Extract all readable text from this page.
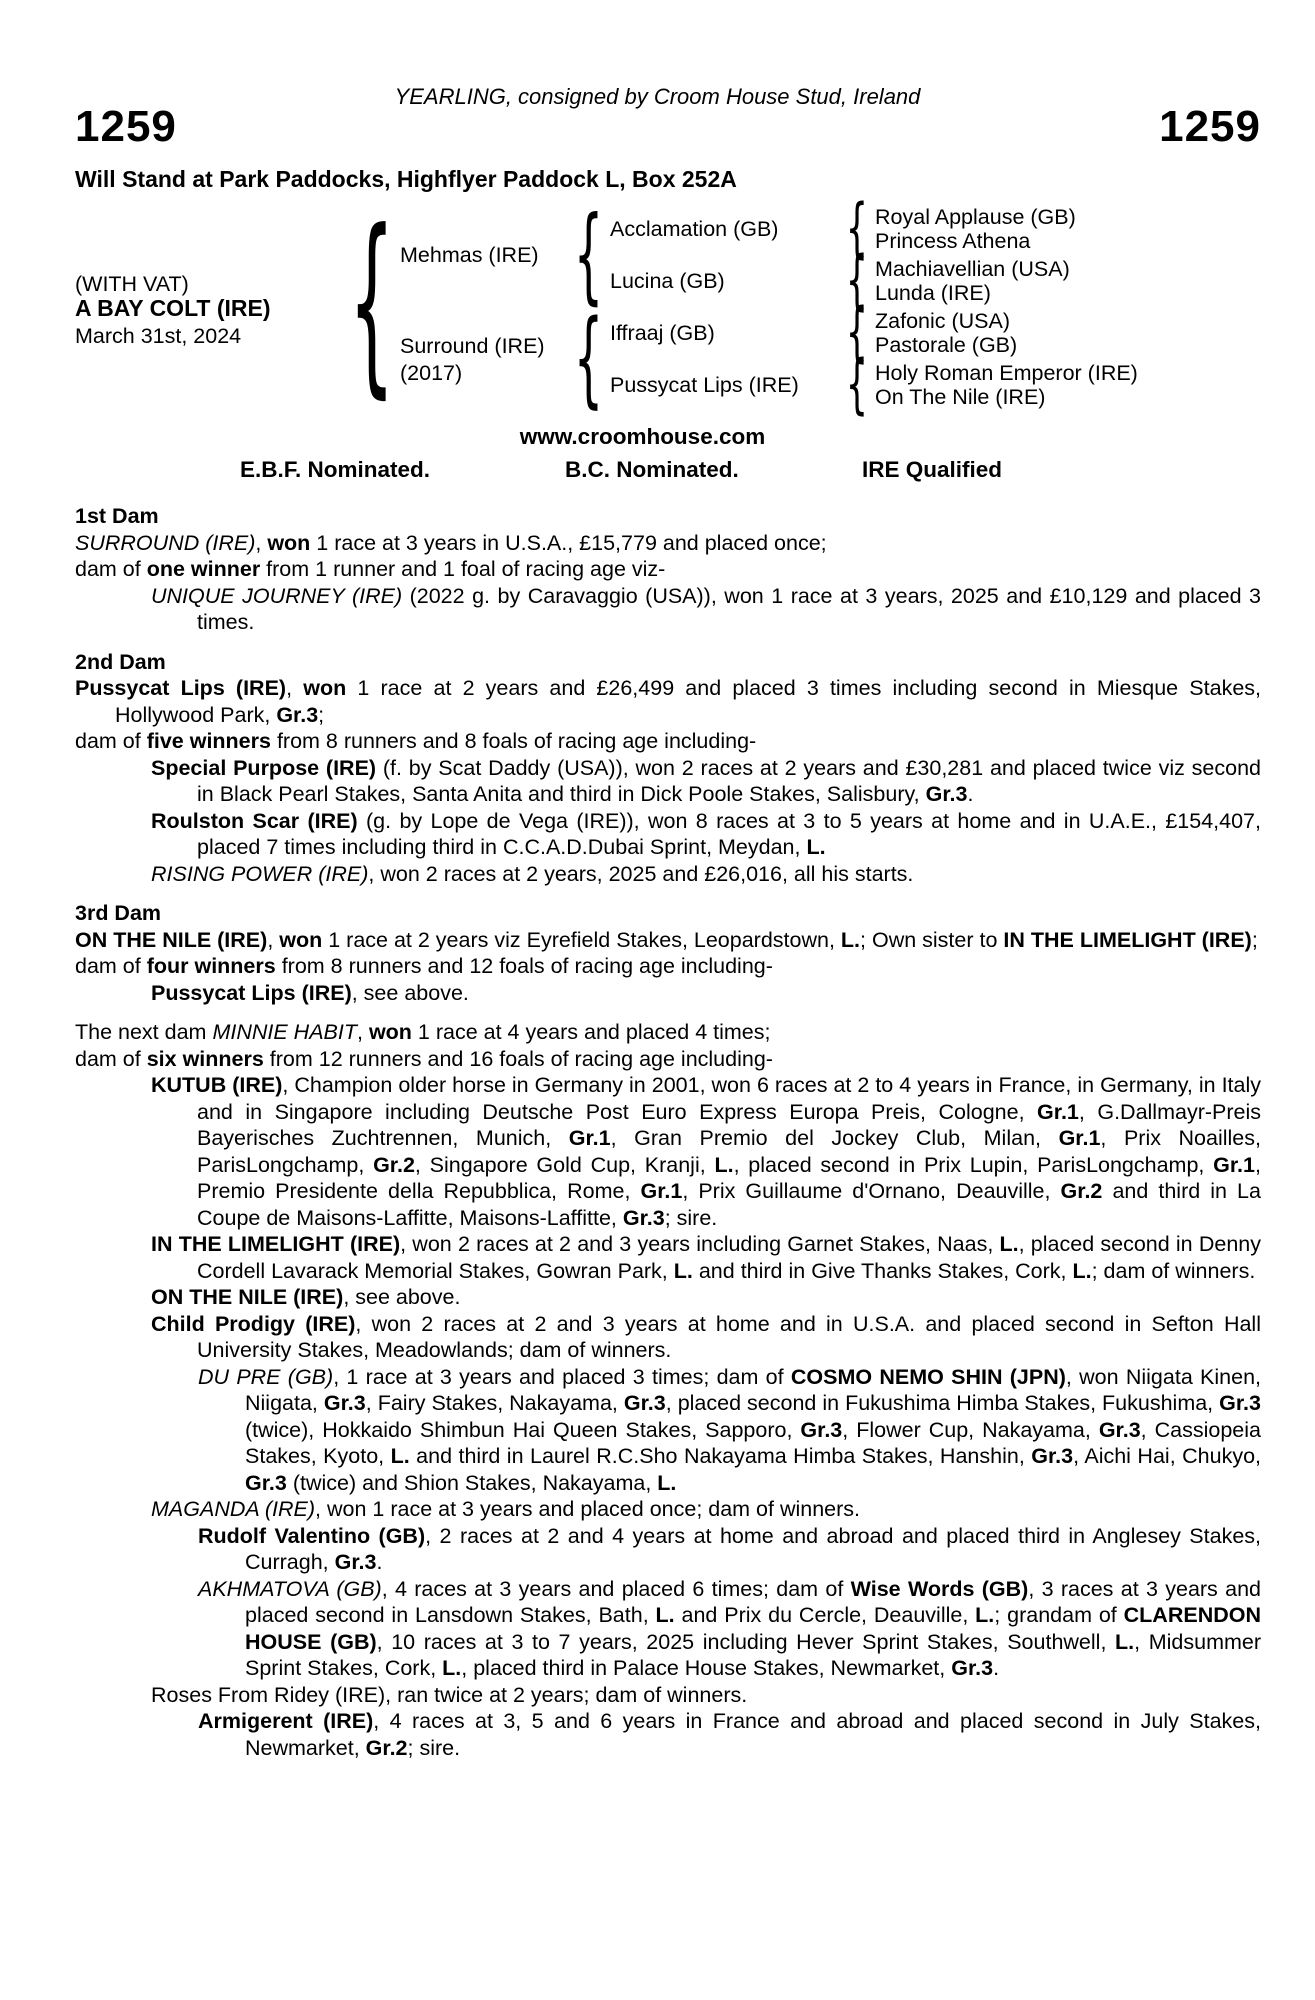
YEARLING, consigned by Croom House Stud, Ireland
1259	1259
Will Stand at Park Paddocks, Highflyer Paddock L, Box 252A
(WITH VAT)
A BAY COLT (IRE)
March 31st, 2024
{
{
{
{
{
{
{
Mehmas (IRE)
Surround (IRE)
(2017)
Acclamation (GB)
Lucina (GB)
Iffraaj (GB)
Pussycat Lips (IRE)
Royal Applause (GB)
Princess Athena
Machiavellian (USA)
Lunda (IRE)
Zafonic (USA)
Pastorale (GB)
Holy Roman Emperor (IRE)
On The Nile (IRE)
www.croomhouse.com
E.B.F. Nominated.	B.C. Nominated.	IRE Qualified
1st Dam

SURROUND (IRE), won 1 race at 3 years in U.S.A., £15,779 and placed once;

dam of one winner from 1 runner and 1 foal of racing age viz-

UNIQUE JOURNEY (IRE) (2022 g. by Caravaggio (USA)), won 1 race at 3 years, 2025 and £10,129 and placed 3 times.

2nd Dam

Pussycat Lips (IRE), won 1 race at 2 years and £26,499 and placed 3 times including second in Miesque Stakes, Hollywood Park, Gr.3;

dam of five winners from 8 runners and 8 foals of racing age including-

Special Purpose (IRE) (f. by Scat Daddy (USA)), won 2 races at 2 years and £30,281 and placed twice viz second in Black Pearl Stakes, Santa Anita and third in Dick Poole Stakes, Salisbury, Gr.3.

Roulston Scar (IRE) (g. by Lope de Vega (IRE)), won 8 races at 3 to 5 years at home and in U.A.E., £154,407, placed 7 times including third in C.C.A.D.Dubai Sprint, Meydan, L.

RISING POWER (IRE), won 2 races at 2 years, 2025 and £26,016, all his starts.

3rd Dam

ON THE NILE (IRE), won 1 race at 2 years viz Eyrefield Stakes, Leopardstown, L.; Own sister to IN THE LIMELIGHT (IRE);

dam of four winners from 8 runners and 12 foals of racing age including-

Pussycat Lips (IRE), see above.

The next dam MINNIE HABIT, won 1 race at 4 years and placed 4 times;

dam of six winners from 12 runners and 16 foals of racing age including-

KUTUB (IRE), Champion older horse in Germany in 2001, won 6 races at 2 to 4 years in France, in Germany, in Italy and in Singapore including Deutsche Post Euro Express Europa Preis, Cologne, Gr.1, G.Dallmayr-Preis Bayerisches Zuchtrennen, Munich, Gr.1, Gran Premio del Jockey Club, Milan, Gr.1, Prix Noailles, ParisLongchamp, Gr.2, Singapore Gold Cup, Kranji, L., placed second in Prix Lupin, ParisLongchamp, Gr.1, Premio Presidente della Repubblica, Rome, Gr.1, Prix Guillaume d'Ornano, Deauville, Gr.2 and third in La Coupe de Maisons-Laffitte, Maisons-Laffitte, Gr.3; sire.

IN THE LIMELIGHT (IRE), won 2 races at 2 and 3 years including Garnet Stakes, Naas, L., placed second in Denny Cordell Lavarack Memorial Stakes, Gowran Park, L. and third in Give Thanks Stakes, Cork, L.; dam of winners.

ON THE NILE (IRE), see above.

Child Prodigy (IRE), won 2 races at 2 and 3 years at home and in U.S.A. and placed second in Sefton Hall University Stakes, Meadowlands; dam of winners.

DU PRE (GB), 1 race at 3 years and placed 3 times; dam of COSMO NEMO SHIN (JPN), won Niigata Kinen, Niigata, Gr.3, Fairy Stakes, Nakayama, Gr.3, placed second in Fukushima Himba Stakes, Fukushima, Gr.3 (twice), Hokkaido Shimbun Hai Queen Stakes, Sapporo, Gr.3, Flower Cup, Nakayama, Gr.3, Cassiopeia Stakes, Kyoto, L. and third in Laurel R.C.Sho Nakayama Himba Stakes, Hanshin, Gr.3, Aichi Hai, Chukyo, Gr.3 (twice) and Shion Stakes, Nakayama, L.

MAGANDA (IRE), won 1 race at 3 years and placed once; dam of winners.

Rudolf Valentino (GB), 2 races at 2 and 4 years at home and abroad and placed third in Anglesey Stakes, Curragh, Gr.3.

AKHMATOVA (GB), 4 races at 3 years and placed 6 times; dam of Wise Words (GB), 3 races at 3 years and placed second in Lansdown Stakes, Bath, L. and Prix du Cercle, Deauville, L.; grandam of CLARENDON HOUSE (GB), 10 races at 3 to 7 years, 2025 including Hever Sprint Stakes, Southwell, L., Midsummer Sprint Stakes, Cork, L., placed third in Palace House Stakes, Newmarket, Gr.3.

Roses From Ridey (IRE), ran twice at 2 years; dam of winners.

Armigerent (IRE), 4 races at 3, 5 and 6 years in France and abroad and placed second in July Stakes, Newmarket, Gr.2; sire.
